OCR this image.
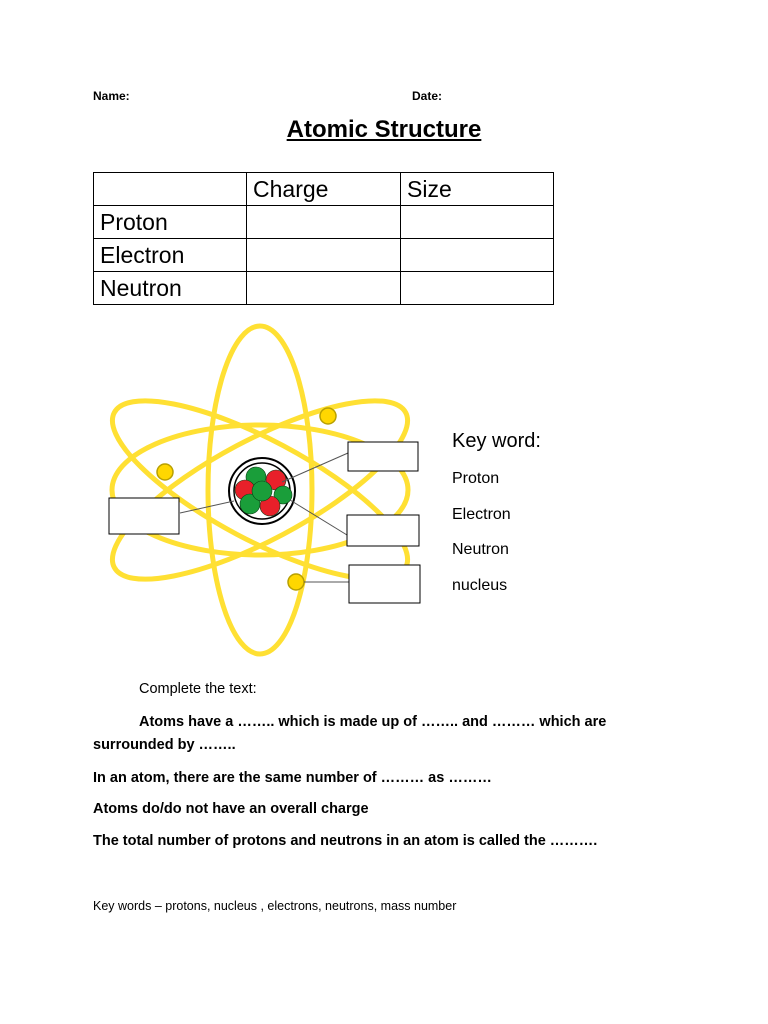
Name:	Date:
Atomic Structure
	Charge	Size
Proton		
Electron		
Neutron		
Key word:
Proton
Electron
Neutron
nucleus
Complete the text:
Atoms have a …….. which is made up of …….. and ……… which are
surrounded by ……..
In an atom, there are the same number of ……… as ………
Atoms do/do not have an overall charge
The total number of protons and neutrons in an atom is called the ……….
Key words – protons, nucleus , electrons, neutrons, mass number
